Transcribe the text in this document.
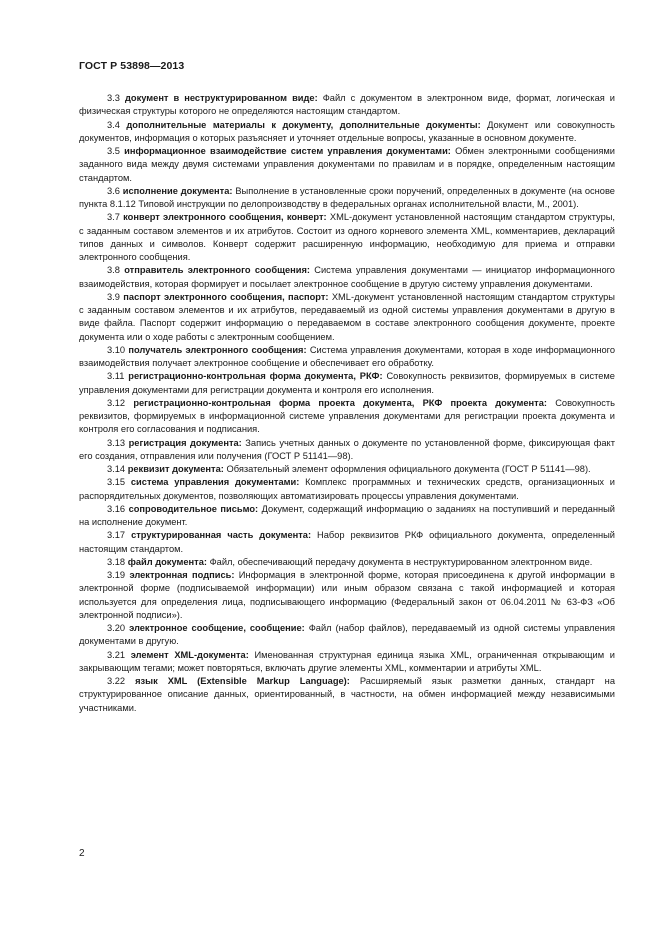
ГОСТ Р 53898—2013

3.3 документ в неструктурированном виде: Файл с документом в электронном виде, формат, логическая и физическая структуры которого не определяются настоящим стандартом.

3.4 дополнительные материалы к документу, дополнительные документы: Документ или совокупность документов, информация о которых разъясняет и уточняет отдельные вопросы, указанные в основном документе.

3.5 информационное взаимодействие систем управления документами: Обмен электронными сообщениями заданного вида между двумя системами управления документами по правилам и в порядке, определенным настоящим стандартом.

3.6 исполнение документа: Выполнение в установленные сроки поручений, определенных в документе (на основе пункта 8.1.12 Типовой инструкции по делопроизводству в федеральных органах исполнительной власти, М., 2001).

3.7 конверт электронного сообщения, конверт: XML-документ установленной настоящим стандартом структуры, с заданным составом элементов и их атрибутов. Состоит из одного корневого элемента XML, комментариев, деклараций типов данных и символов. Конверт содержит расширенную информацию, необходимую для приема и отправки электронного сообщения.

3.8 отправитель электронного сообщения: Система управления документами — инициатор информационного взаимодействия, которая формирует и посылает электронное сообщение в другую систему управления документами.

3.9 паспорт электронного сообщения, паспорт: XML-документ установленной настоящим стандартом структуры с заданным составом элементов и их атрибутов, передаваемый из одной системы управления документами в другую в виде файла. Паспорт содержит информацию о передаваемом в составе электронного сообщения документе, проекте документа или о ходе работы с электронным сообщением.

3.10 получатель электронного сообщения: Система управления документами, которая в ходе информационного взаимодействия получает электронное сообщение и обеспечивает его обработку.

3.11 регистрационно-контрольная форма документа, РКФ: Совокупность реквизитов, формируемых в системе управления документами для регистрации документа и контроля его исполнения.

3.12 регистрационно-контрольная форма проекта документа, РКФ проекта документа: Совокупность реквизитов, формируемых в информационной системе управления документами для регистрации проекта документа и контроля его согласования и подписания.

3.13 регистрация документа: Запись учетных данных о документе по установленной форме, фиксирующая факт его создания, отправления или получения (ГОСТ Р 51141—98).

3.14 реквизит документа: Обязательный элемент оформления официального документа (ГОСТ Р 51141—98).

3.15 система управления документами: Комплекс программных и технических средств, организационных и распорядительных документов, позволяющих автоматизировать процессы управления документами.

3.16 сопроводительное письмо: Документ, содержащий информацию о заданиях на поступивший и переданный на исполнение документ.

3.17 структурированная часть документа: Набор реквизитов РКФ официального документа, определенный настоящим стандартом.

3.18 файл документа: Файл, обеспечивающий передачу документа в неструктурированном электронном виде.

3.19 электронная подпись: Информация в электронной форме, которая присоединена к другой информации в электронной форме (подписываемой информации) или иным образом связана с такой информацией и которая используется для определения лица, подписывающего информацию (Федеральный закон от 06.04.2011 № 63-ФЗ «Об электронной подписи»).

3.20 электронное сообщение, сообщение: Файл (набор файлов), передаваемый из одной системы управления документами в другую.

3.21 элемент XML-документа: Именованная структурная единица языка XML, ограниченная открывающим и закрывающим тегами; может повторяться, включать другие элементы XML, комментарии и атрибуты XML.

3.22 язык XML (Extensible Markup Language): Расширяемый язык разметки данных, стандарт на структурированное описание данных, ориентированный, в частности, на обмен информацией между независимыми участниками.

2
